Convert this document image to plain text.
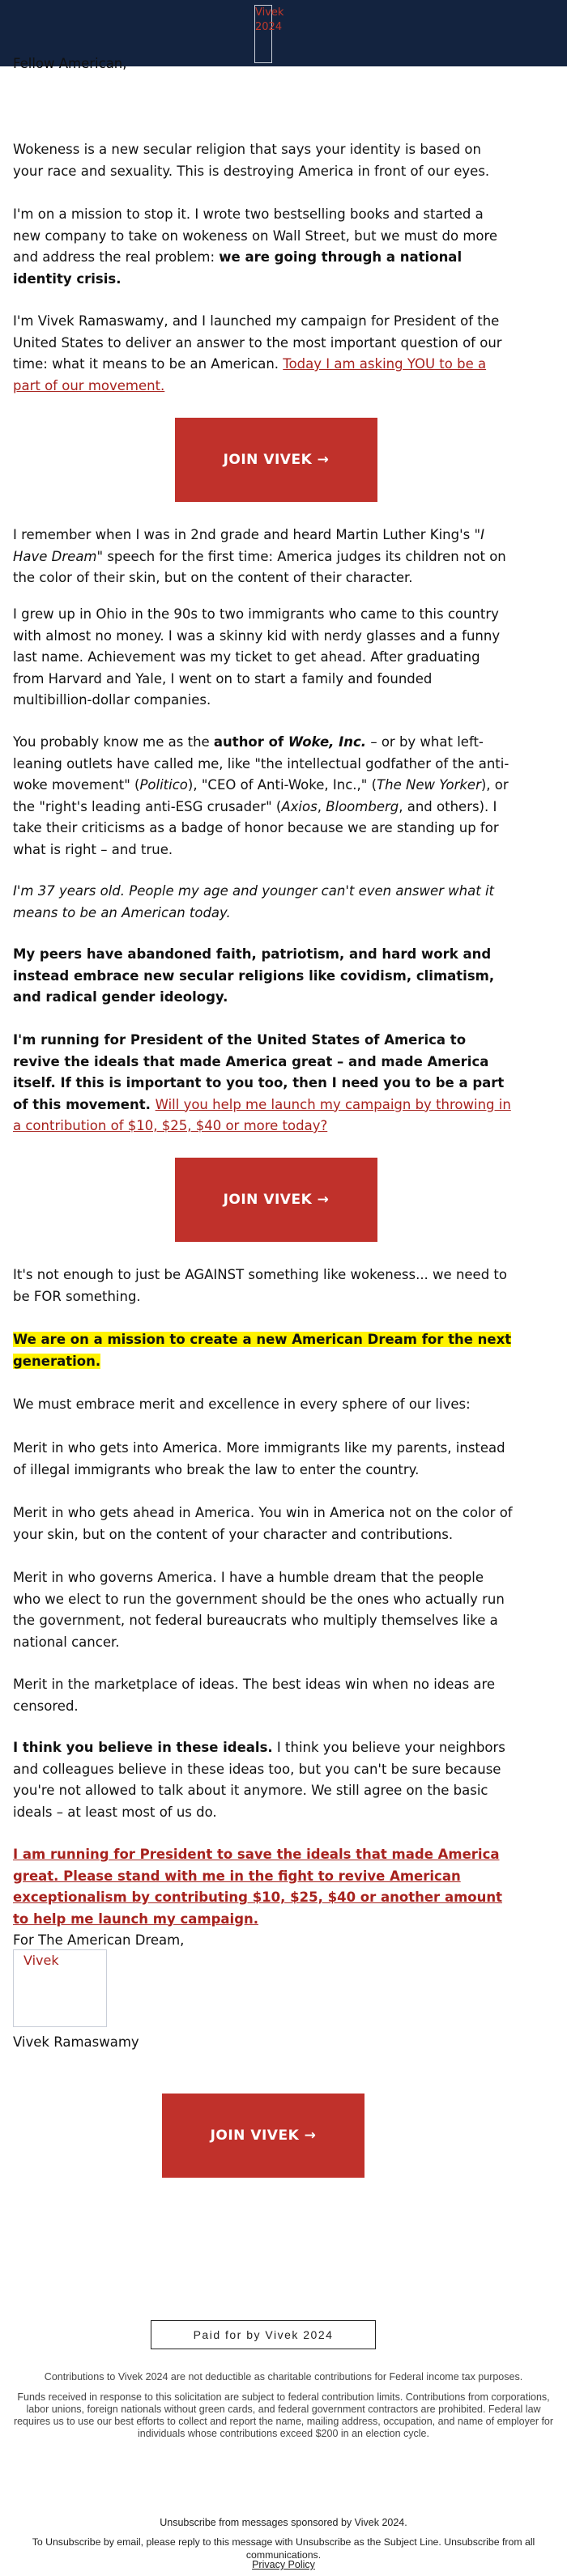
Vivek 2024

Fellow American,

Wokeness is a new secular religion that says your identity is based on your race and sexuality. This is destroying America in front of our eyes.

I'm on a mission to stop it. I wrote two bestselling books and started a new company to take on wokeness on Wall Street, but we must do more and address the real problem: we are going through a national identity crisis.

I'm Vivek Ramaswamy, and I launched my campaign for President of the United States to deliver an answer to the most important question of our time: what it means to be an American. Today I am asking YOU to be a part of our movement.

JOIN VIVEK →

I remember when I was in 2nd grade and heard Martin Luther King's "I Have Dream" speech for the first time: America judges its children not on the color of their skin, but on the content of their character.

I grew up in Ohio in the 90s to two immigrants who came to this country with almost no money. I was a skinny kid with nerdy glasses and a funny last name. Achievement was my ticket to get ahead. After graduating from Harvard and Yale, I went on to start a family and founded multibillion-dollar companies.

You probably know me as the author of Woke, Inc. – or by what left-leaning outlets have called me, like "the intellectual godfather of the anti-woke movement" (Politico), "CEO of Anti-Woke, Inc.," (The New Yorker), or the "right's leading anti-ESG crusader" (Axios, Bloomberg, and others). I take their criticisms as a badge of honor because we are standing up for what is right – and true.

I'm 37 years old. People my age and younger can't even answer what it means to be an American today.

My peers have abandoned faith, patriotism, and hard work and instead embrace new secular religions like covidism, climatism, and radical gender ideology.

I'm running for President of the United States of America to revive the ideals that made America great – and made America itself. If this is important to you too, then I need you to be a part of this movement. Will you help me launch my campaign by throwing in a contribution of $10, $25, $40 or more today?

JOIN VIVEK →

It's not enough to just be AGAINST something like wokeness... we need to be FOR something.

We are on a mission to create a new American Dream for the next generation.

We must embrace merit and excellence in every sphere of our lives:

Merit in who gets into America. More immigrants like my parents, instead of illegal immigrants who break the law to enter the country.

Merit in who gets ahead in America. You win in America not on the color of your skin, but on the content of your character and contributions.

Merit in who governs America. I have a humble dream that the people who we elect to run the government should be the ones who actually run the government, not federal bureaucrats who multiply themselves like a national cancer.

Merit in the marketplace of ideas. The best ideas win when no ideas are censored.

I think you believe in these ideals. I think you believe your neighbors and colleagues believe in these ideas too, but you can't be sure because you're not allowed to talk about it anymore. We still agree on the basic ideals – at least most of us do.

I am running for President to save the ideals that made America great. Please stand with me in the fight to revive American exceptionalism by contributing $10, $25, $40 or another amount to help me launch my campaign.

For The American Dream,

Vivek Ramaswamy

Vivek
JOIN VIVEK →
Paid for by Vivek 2024
Contributions to Vivek 2024 are not deductible as charitable contributions for Federal income tax purposes.
Funds received in response to this solicitation are subject to federal contribution limits. Contributions from corporations, labor unions, foreign nationals without green cards, and federal government contractors are prohibited. Federal law requires us to use our best efforts to collect and report the name, mailing address, occupation, and name of employer for individuals whose contributions exceed $200 in an election cycle.
Unsubscribe from messages sponsored by Vivek 2024.
To Unsubscribe by email, please reply to this message with Unsubscribe as the Subject Line. Unsubscribe from all communications.
Privacy Policy
